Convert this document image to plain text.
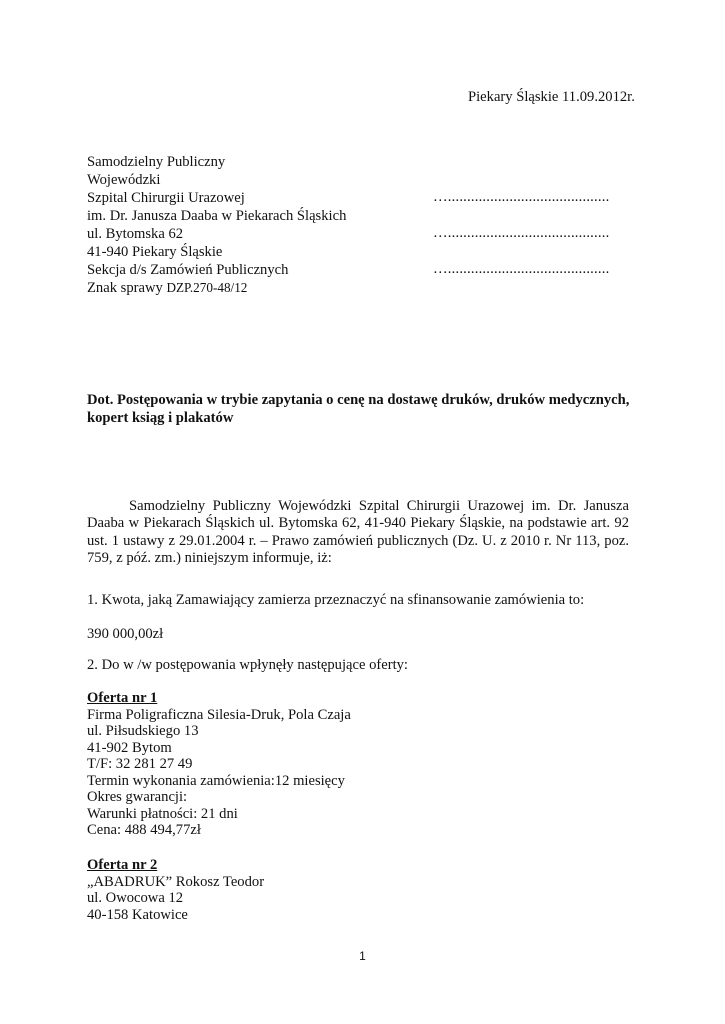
Piekary Śląskie 11.09.2012r.
Samodzielny Publiczny
Wojewódzki
Szpital Chirurgii Urazowej
im. Dr. Janusza Daaba w Piekarach Śląskich
ul. Bytomska 62
41-940 Piekary Śląskie
Sekcja d/s Zamówień Publicznych
Znak sprawy DZP.270-48/12
…..........................................
…..........................................
…..........................................
Dot. Postępowania w trybie zapytania o cenę na dostawę druków, druków medycznych,
kopert ksiąg i plakatów
Samodzielny Publiczny Wojewódzki Szpital Chirurgii Urazowej im. Dr. Janusza Daaba w Piekarach Śląskich ul. Bytomska 62, 41-940 Piekary Śląskie, na podstawie art. 92 ust. 1 ustawy z 29.01.2004 r. – Prawo zamówień publicznych (Dz. U. z 2010 r. Nr 113, poz. 759, z póź. zm.) niniejszym informuje, iż:
1. Kwota, jaką Zamawiający zamierza przeznaczyć na sfinansowanie zamówienia to:
390 000,00zł
2. Do w /w postępowania wpłynęły następujące oferty:
Oferta nr 1
Firma Poligraficzna Silesia-Druk, Pola Czaja
ul. Piłsudskiego 13
41-902 Bytom
T/F: 32 281 27 49
Termin wykonania zamówienia:12 miesięcy
Okres gwarancji:
Warunki płatności: 21 dni
Cena: 488 494,77zł
Oferta nr 2
„ABADRUK” Rokosz Teodor
ul. Owocowa 12
40-158 Katowice
1
